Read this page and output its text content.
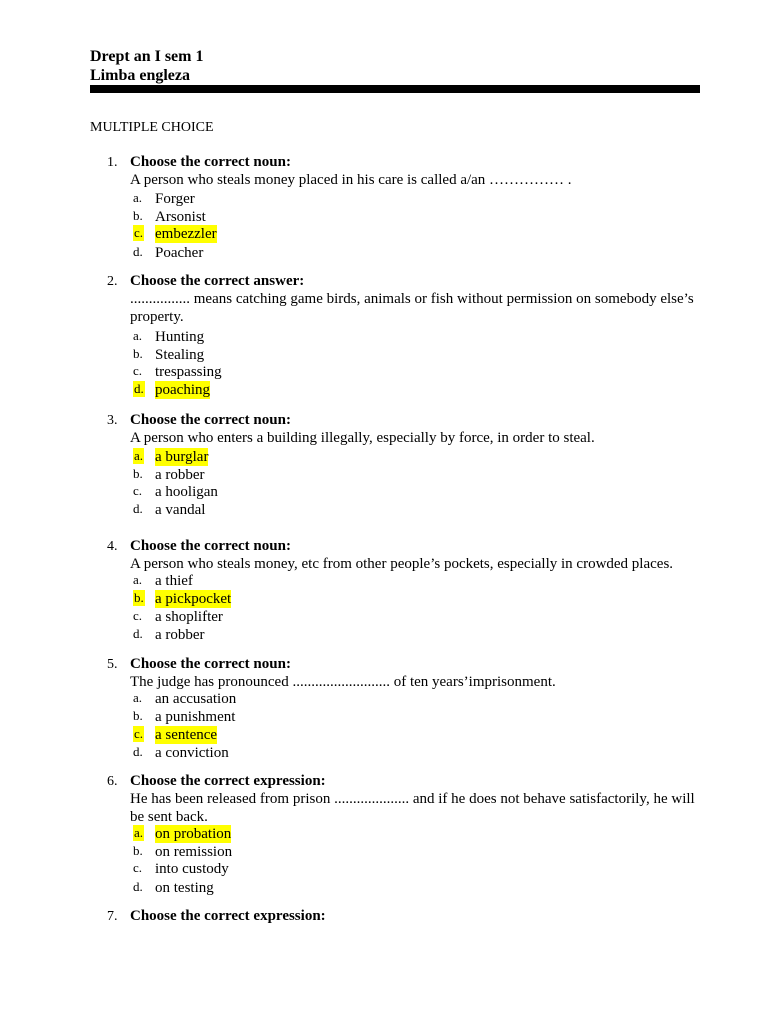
Drept an I sem 1
Limba engleza
MULTIPLE CHOICE
1. Choose the correct noun:
A person who steals money placed in his care is called a/an …………… .
a. Forger
b. Arsonist
c. embezzler
d. Poacher
2. Choose the correct answer:
................ means catching game birds, animals or fish without permission on somebody else’s property.
a. Hunting
b. Stealing
c. trespassing
d. poaching
3. Choose the correct noun:
A person who enters a building illegally, especially by force, in order to steal.
a. a burglar
b. a robber
c. a hooligan
d. a vandal
4. Choose the correct noun:
A person who steals money, etc from other people’s pockets, especially in crowded places.
a. a thief
b. a pickpocket
c. a shoplifter
d. a robber
5. Choose the correct noun:
The judge has pronounced .......................... of ten years’imprisonment.
a. an accusation
b. a punishment
c. a sentence
d. a conviction
6. Choose the correct expression:
He has been released from prison .................... and if he does not behave satisfactorily, he will be sent back.
a. on probation
b. on remission
c. into custody
d. on testing
7. Choose the correct expression:
